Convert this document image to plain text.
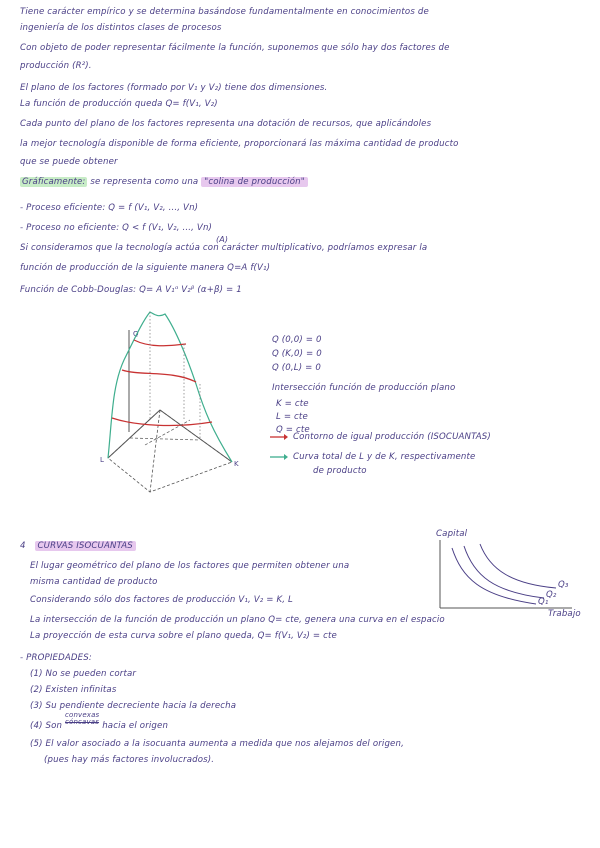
Tiene carácter empírico y se determina basándose fundamentalmente en conocimientos de
ingeniería de los distintos clases de procesos
Con objeto de poder representar fácilmente la función, suponemos que sólo hay dos factores de
producción (R²).
El plano de los factores (formado por V₁ y V₂) tiene dos dimensiones.
La función de producción queda Q= f(V₁, V₂)
Cada punto del plano de los factores representa una dotación de recursos, que aplicándoles
la mejor tecnología disponible de forma eficiente, proporcionará las máxima cantidad de producto
que se puede obtener
Gráficamente: se representa como una "colina de producción"
- Proceso eficiente: Q = f (V₁, V₂, ..., Vn)
- Proceso no eficiente: Q < f (V₁, V₂, ..., Vn)
Si consideramos que la tecnología actúa con carácter multiplicativo, podríamos expresar la
(A)
función de producción de la siguiente manera Q=A f(V₁)
Función de Cobb-Douglas: Q= A V₁ᵅ V₂ᵝ (α+β) = 1
Q
K
L
Q (0,0) = 0
Q (K,0) = 0
Q (0,L) = 0
Intersección función de producción plano
K = cte
L = cte
Q = cte
Contorno de igual producción (ISOCUANTAS)
Curva total de L y de K, respectivamente
de producto
4 CURVAS ISOCUANTAS
El lugar geométrico del plano de los factores que permiten obtener una
misma cantidad de producto
Considerando sólo dos factores de producción V₁, V₂ = K, L
La intersección de la función de producción un plano Q= cte, genera una curva en el espacio
La proyección de esta curva sobre el plano queda, Q= f(V₁, V₂) = cte
- PROPIEDADES:
(1) No se pueden cortar
(2) Existen infinitas
(3) Su pendiente decreciente hacia la derecha
(4) Son
convexas
cóncavas hacia el origen
(5) El valor asociado a la isocuanta aumenta a medida que nos alejamos del origen,
(pues hay más factores involucrados).
Capital
Trabajo
Q₁
Q₂
Q₃
